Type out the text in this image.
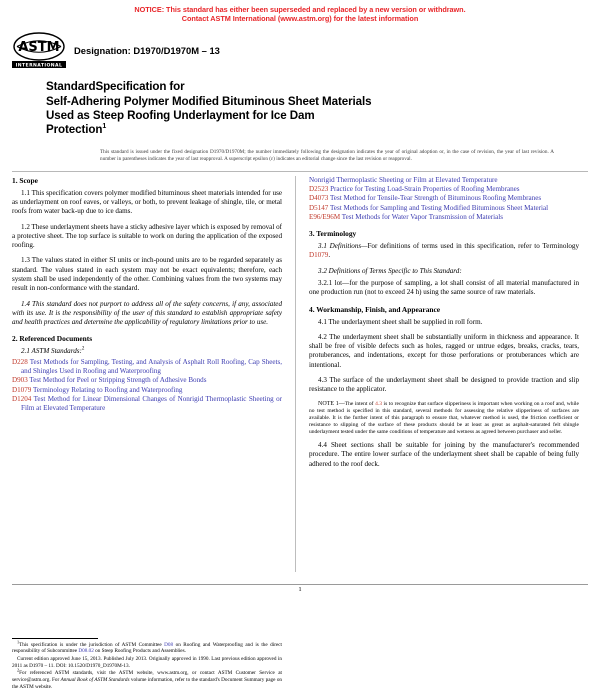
NOTICE: This standard has either been superseded and replaced by a new version or withdrawn.
Contact ASTM International (www.astm.org) for the latest information
ASTM
INTERNATIONAL
Designation: D1970/D1970M – 13
StandardSpecification for
Self-Adhering Polymer Modified Bituminous Sheet Materials
Used as Steep Roofing Underlayment for Ice Dam
Protection$^1$
This standard is issued under the fixed designation D1970/D1970M; the number immediately following the designation indicates the year of original adoption or, in the case of revision, the year of last revision. A number in parentheses indicates the year of last reapproval. A superscript epsilon (ε) indicates an editorial change since the last revision or reapproval.
1. Scope

1.1 This specification covers polymer modified bituminous sheet materials intended for use as underlayment on roof eaves, or valleys, or both, to prevent leakage of shingle, tile, or metal roofs from water back-up due to ice dams.

1.2 These underlayment sheets have a sticky adhesive layer which is exposed by removal of a protective sheet. The top surface is suitable to work on during the application of the exposed roofing.

1.3 The values stated in either SI units or inch-pound units are to be regarded separately as standard. The values stated in each system may not be exact equivalents; therefore, each system shall be used independently of the other. Combining values from the two systems may result in non-conformance with the standard.

1.4 This standard does not purport to address all of the safety concerns, if any, associated with its use. It is the responsibility of the user of this standard to establish appropriate safety and health practices and determine the applicability of regulatory limitations prior to use.

2. Referenced Documents

2.1 ASTM Standards:$^2$

D228 Test Methods for Sampling, Testing, and Analysis of Asphalt Roll Roofing, Cap Sheets, and Shingles Used in Roofing and Waterproofing
D903 Test Method for Peel or Stripping Strength of Adhesive Bonds
D1079 Terminology Relating to Roofing and Waterproofing
D1204 Test Method for Linear Dimensional Changes of Nonrigid Thermoplastic Sheeting or Film at Elevated Temperature

$^1$This specification is under the jurisdiction of ASTM Committee D08 on Roofing and Waterproofing and is the direct responsibility of Subcommittee D08.02 on Steep Roofing Products and Assemblies.

Current edition approved June 15, 2013. Published July 2013. Originally approved in 1990. Last previous edition approved in 2011 as D1970 – 11. DOI: 10.1520/D1970_D1970M-13.

$^2$For referenced ASTM standards, visit the ASTM website, www.astm.org, or contact ASTM Customer Service at service@astm.org. For Annual Book of ASTM Standards volume information, refer to the standard's Document Summary page on the ASTM website.

Nonrigid Thermoplastic Sheeting or Film at Elevated Temperature
D2523 Practice for Testing Load-Strain Properties of Roofing Membranes
D4073 Test Method for Tensile-Tear Strength of Bituminous Roofing Membranes
D5147 Test Methods for Sampling and Testing Modified Bituminous Sheet Material
E96/E96M Test Methods for Water Vapor Transmission of Materials
3. Terminology

3.1 Definitions—For definitions of terms used in this specification, refer to Terminology D1079.

3.2 Definitions of Terms Specific to This Standard:

3.2.1 lot—for the purpose of sampling, a lot shall consist of all material manufactured in one production run (not to exceed 24 h) using the same source of raw materials.

4. Workmanship, Finish, and Appearance

4.1 The underlayment sheet shall be supplied in roll form.

4.2 The underlayment sheet shall be substantially uniform in thickness and appearance. It shall be free of visible defects such as holes, ragged or untrue edges, breaks, cracks, tears, protuberances, and indentations, except for those perforations or protuberances which are intentional.

4.3 The surface of the underlayment sheet shall be designed to provide traction and slip resistance to the applicator.

NOTE 1—The intent of 4.3 is to recognize that surface slipperiness is important when working on a roof and, while no test method is specified in this standard, several methods for assessing the relative slipperiness of surfaces are available. It is the further intent of this paragraph to ensure that, whatever method is used, the friction coefficient or resistance to slipping of the surface of these products should be at least as great as asphalt-saturated felt shingle underlayment tested under the same conditions of temperature and wetness as agreed between purchaser and seller.

4.4 Sheet sections shall be suitable for joining by the manufacturer's recommended procedure. The entire lower surface of the underlayment sheet shall be capable of being fully adhered to the roof deck.

1
